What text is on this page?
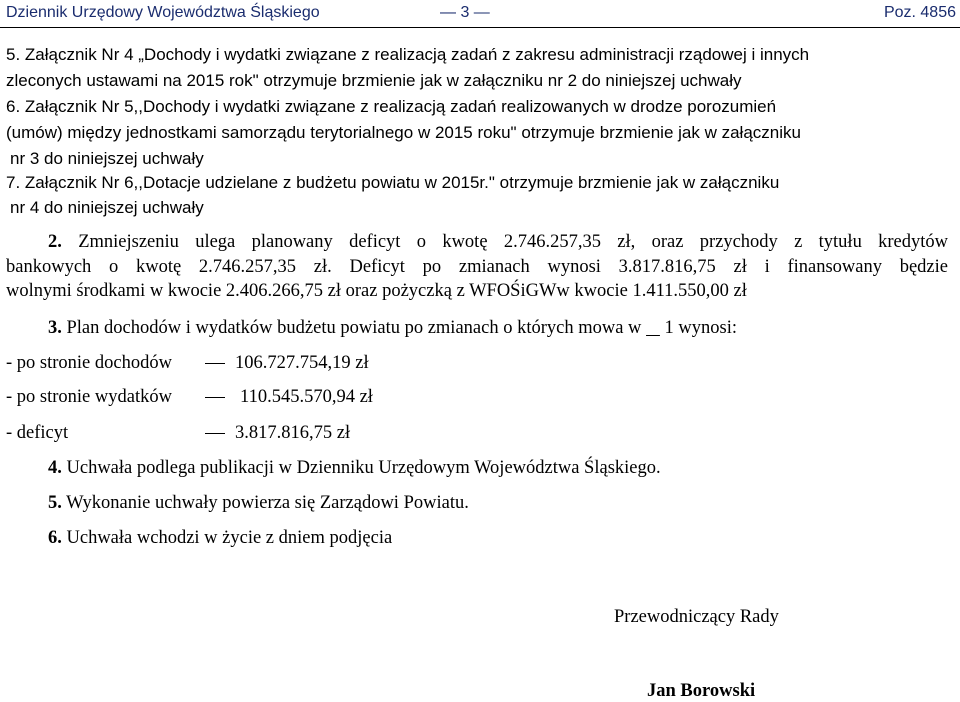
Dziennik Urzędowy Województwa Śląskiego	— 3 —	Poz. 4856
5. Załącznik Nr 4 „Dochody i wydatki związane z realizacją zadań z zakresu administracji rządowej i innych
zleconych ustawami na 2015 rok" otrzymuje brzmienie jak w załączniku nr 2 do niniejszej uchwały
6. Załącznik Nr 5,,Dochody i wydatki związane z realizacją zadań realizowanych w drodze porozumień
(umów) między jednostkami samorządu terytorialnego w 2015 roku" otrzymuje brzmienie jak w załączniku
nr 3 do niniejszej uchwały
7. Załącznik Nr 6,,Dotacje udzielane z budżetu powiatu w 2015r." otrzymuje brzmienie jak w załączniku
nr 4 do niniejszej uchwały
2. Zmniejszeniu ulega planowany deficyt o kwotę 2.746.257,35 zł, oraz przychody z tytułu kredytów
bankowych o kwotę 2.746.257,35 zł. Deficyt po zmianach wynosi 3.817.816,75 zł i finansowany będzie
wolnymi środkami w kwocie 2.406.266,75 zł oraz pożyczką z WFOŚiGWw kwocie 1.411.550,00 zł
3. Plan dochodów i wydatków budżetu powiatu po zmianach o których mowa w 1 wynosi:
- po stronie dochodów	106.727.754,19 zł
- po stronie wydatków	110.545.570,94 zł
- deficyt	3.817.816,75 zł
4. Uchwała podlega publikacji w Dzienniku Urzędowym Województwa Śląskiego.
5. Wykonanie uchwały powierza się Zarządowi Powiatu.
6. Uchwała wchodzi w życie z dniem podjęcia
Przewodniczący Rady
Jan Borowski
